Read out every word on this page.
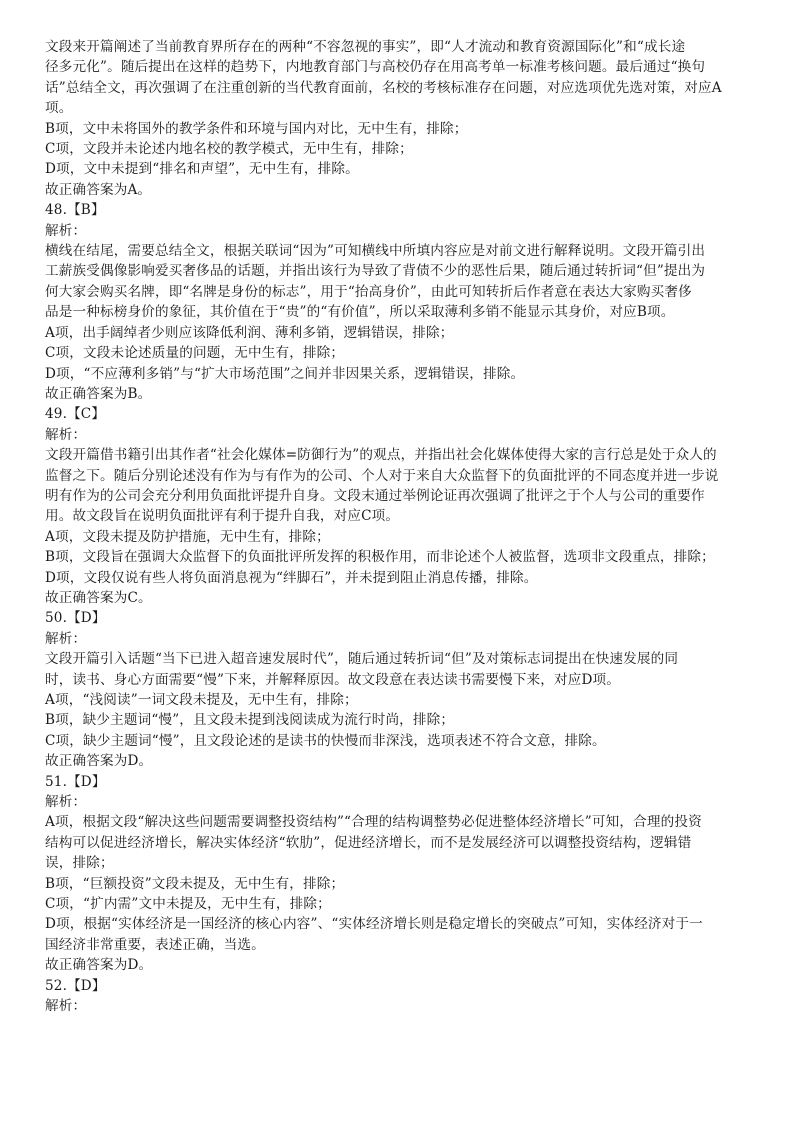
文段来开篇阐述了当前教育界所存在的两种“不容忽视的事实”，即“人才流动和教育资源国际化”和“成长途
径多元化”。随后提出在这样的趋势下，内地教育部门与高校仍存在用高考单一标准考核问题。最后通过“换句
话”总结全文，再次强调了在注重创新的当代教育面前，名校的考核标准存在问题，对应选项优先选对策，对应A
项。
B项，文中未将国外的教学条件和环境与国内对比，无中生有，排除；
C项，文段并未论述内地名校的教学模式，无中生有，排除；
D项，文中未提到“排名和声望”，无中生有，排除。
故正确答案为A。
48.【B】
解析：
横线在结尾，需要总结全文，根据关联词“因为”可知横线中所填内容应是对前文进行解释说明。文段开篇引出
工薪族受偶像影响爱买奢侈品的话题，并指出该行为导致了背债不少的恶性后果，随后通过转折词“但”提出为
何大家会购买名牌，即“名牌是身份的标志”，用于“抬高身价”，由此可知转折后作者意在表达大家购买奢侈
品是一种标榜身价的象征，其价值在于“贵”的“有价值”，所以采取薄利多销不能显示其身价，对应B项。
A项，出手阔绰者少则应该降低利润、薄利多销，逻辑错误，排除；
C项，文段未论述质量的问题，无中生有，排除；
D项，“不应薄利多销”与“扩大市场范围”之间并非因果关系，逻辑错误，排除。
故正确答案为B。
49.【C】
解析：
文段开篇借书籍引出其作者“社会化媒体=防御行为”的观点，并指出社会化媒体使得大家的言行总是处于众人的
监督之下。随后分别论述没有作为与有作为的公司、个人对于来自大众监督下的负面批评的不同态度并进一步说
明有作为的公司会充分利用负面批评提升自身。文段末通过举例论证再次强调了批评之于个人与公司的重要作
用。故文段旨在说明负面批评有利于提升自我，对应C项。
A项，文段未提及防护措施，无中生有，排除；
B项，文段旨在强调大众监督下的负面批评所发挥的积极作用，而非论述个人被监督，选项非文段重点，排除；
D项，文段仅说有些人将负面消息视为“绊脚石”，并未提到阻止消息传播，排除。
故正确答案为C。
50.【D】
解析：
文段开篇引入话题“当下已进入超音速发展时代”，随后通过转折词“但”及对策标志词提出在快速发展的同
时，读书、身心方面需要“慢”下来，并解释原因。故文段意在表达读书需要慢下来，对应D项。
A项，“浅阅读”一词文段未提及，无中生有，排除；
B项，缺少主题词“慢”，且文段未提到浅阅读成为流行时尚，排除；
C项，缺少主题词“慢”，且文段论述的是读书的快慢而非深浅，选项表述不符合文意，排除。
故正确答案为D。
51.【D】
解析：
A项，根据文段“解决这些问题需要调整投资结构”“合理的结构调整势必促进整体经济增长”可知，合理的投资
结构可以促进经济增长，解决实体经济“软肋”，促进经济增长，而不是发展经济可以调整投资结构，逻辑错
误，排除；
B项，“巨额投资”文段未提及，无中生有，排除；
C项，“扩内需”文中未提及，无中生有，排除；
D项，根据“实体经济是一国经济的核心内容”、“实体经济增长则是稳定增长的突破点”可知，实体经济对于一
国经济非常重要，表述正确，当选。
故正确答案为D。
52.【D】
解析：
